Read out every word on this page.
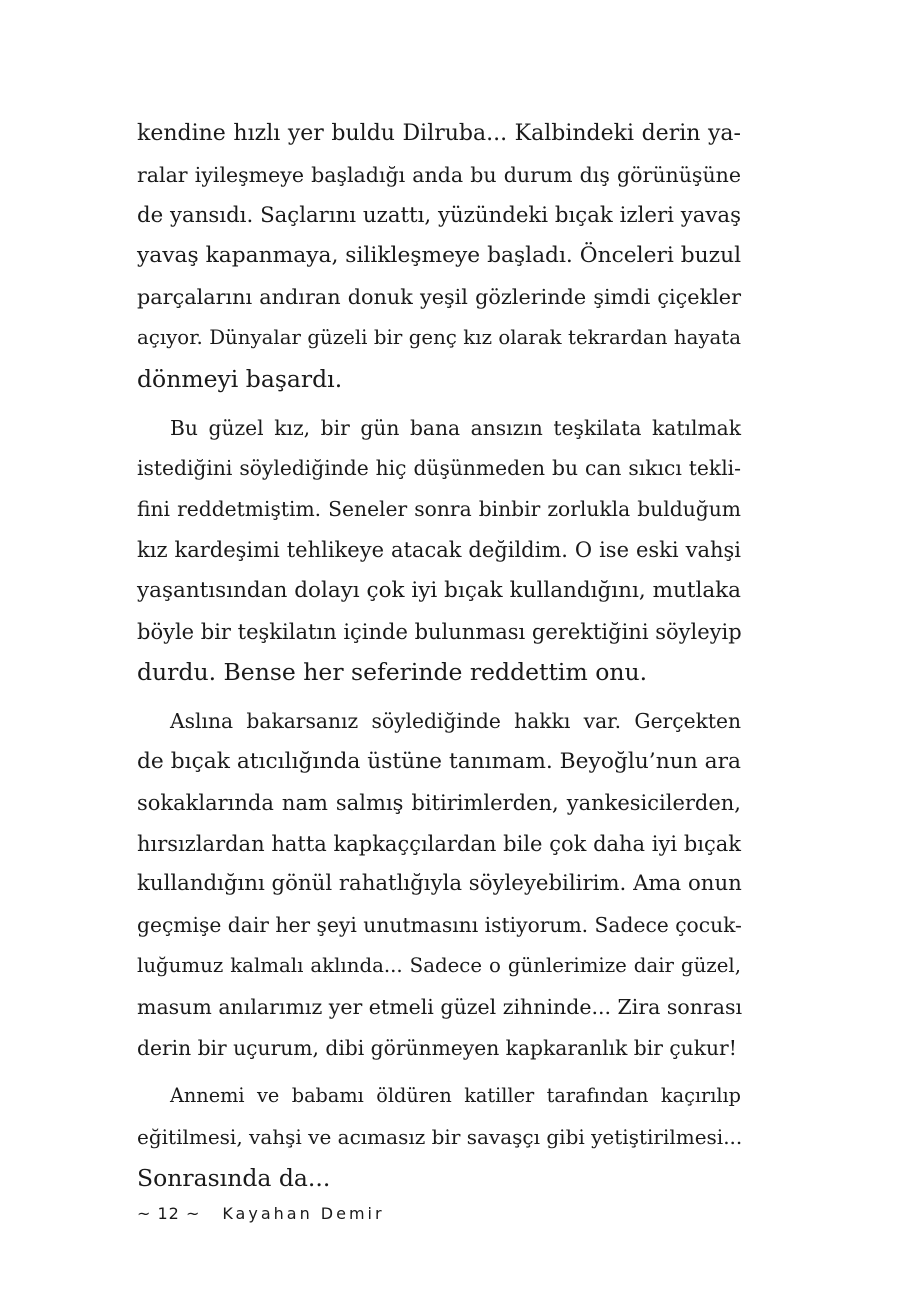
kendine hızlı yer buldu Dilruba... Kalbindeki derin ya-
ralar iyileşmeye başladığı anda bu durum dış görünüşüne
de yansıdı. Saçlarını uzattı, yüzündeki bıçak izleri yavaş
yavaş kapanmaya, silikleşmeye başladı. Önceleri buzul
parçalarını andıran donuk yeşil gözlerinde şimdi çiçekler
açıyor. Dünyalar güzeli bir genç kız olarak tekrardan hayata
dönmeyi başardı.
Bu güzel kız, bir gün bana ansızın teşkilata katılmak
istediğini söylediğinde hiç düşünmeden bu can sıkıcı tekli-
fini reddetmiştim. Seneler sonra binbir zorlukla bulduğum
kız kardeşimi tehlikeye atacak değildim. O ise eski vahşi
yaşantısından dolayı çok iyi bıçak kullandığını, mutlaka
böyle bir teşkilatın içinde bulunması gerektiğini söyleyip
durdu. Bense her seferinde reddettim onu.
Aslına bakarsanız söylediğinde hakkı var. Gerçekten
de bıçak atıcılığında üstüne tanımam. Beyoğlu’nun ara
sokaklarında nam salmış bitirimlerden, yankesicilerden,
hırsızlardan hatta kapkaççılardan bile çok daha iyi bıçak
kullandığını gönül rahatlığıyla söyleyebilirim. Ama onun
geçmişe dair her şeyi unutmasını istiyorum. Sadece çocuk-
luğumuz kalmalı aklında... Sadece o günlerimize dair güzel,
masum anılarımız yer etmeli güzel zihninde... Zira sonrası
derin bir uçurum, dibi görünmeyen kapkaranlık bir çukur!
Annemi ve babamı öldüren katiller tarafından kaçırılıp
eğitilmesi, vahşi ve acımasız bir savaşçı gibi yetiştirilmesi...
Sonrasında da...
~ 12 ~ Kayahan Demir
